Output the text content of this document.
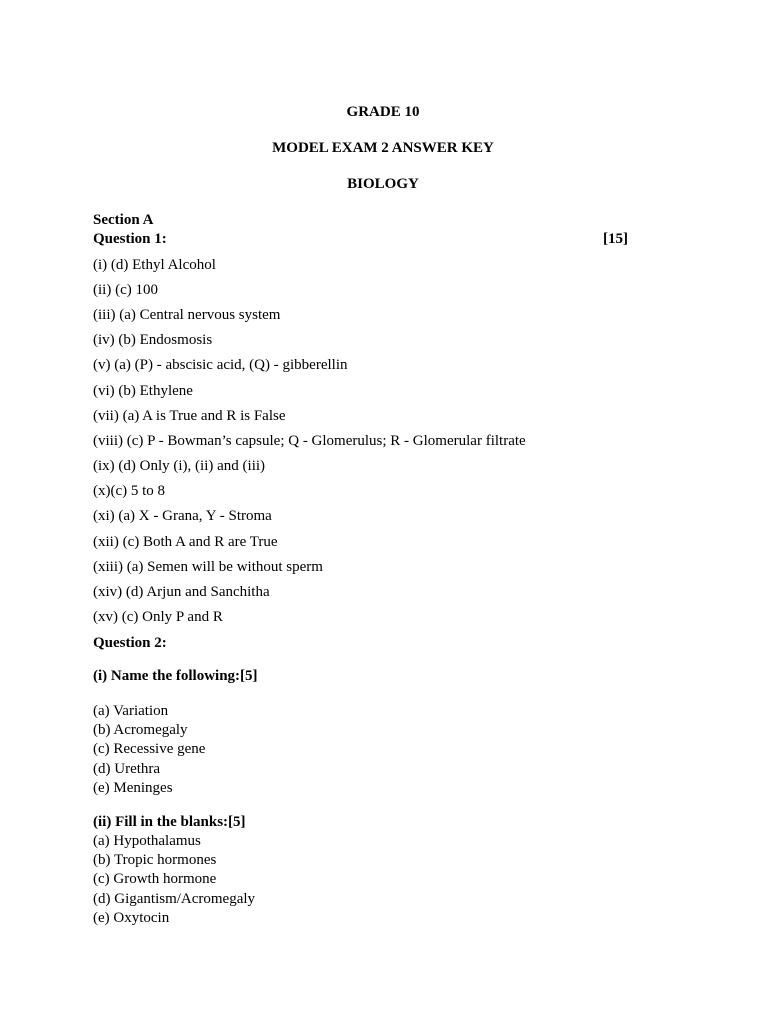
GRADE 10
MODEL EXAM 2 ANSWER KEY
BIOLOGY
Section A
Question 1:	[15]
(i) (d) Ethyl Alcohol
(ii) (c) 100
(iii) (a) Central nervous system
(iv) (b) Endosmosis
(v) (a) (P) - abscisic acid, (Q) - gibberellin
(vi) (b) Ethylene
(vii) (a) A is True and R is False
(viii) (c) P - Bowman’s capsule; Q - Glomerulus; R - Glomerular filtrate
(ix) (d) Only (i), (ii) and (iii)
(x)(c) 5 to 8
(xi) (a) X - Grana, Y - Stroma
(xii) (c) Both A and R are True
(xiii) (a) Semen will be without sperm
(xiv) (d) Arjun and Sanchitha
(xv) (c) Only P and R
Question 2:
(i) Name the following:[5]
(a) Variation
(b) Acromegaly
(c) Recessive gene
(d) Urethra
(e) Meninges
(ii) Fill in the blanks:[5]
(a) Hypothalamus
(b) Tropic hormones
(c) Growth hormone
(d) Gigantism/Acromegaly
(e) Oxytocin
